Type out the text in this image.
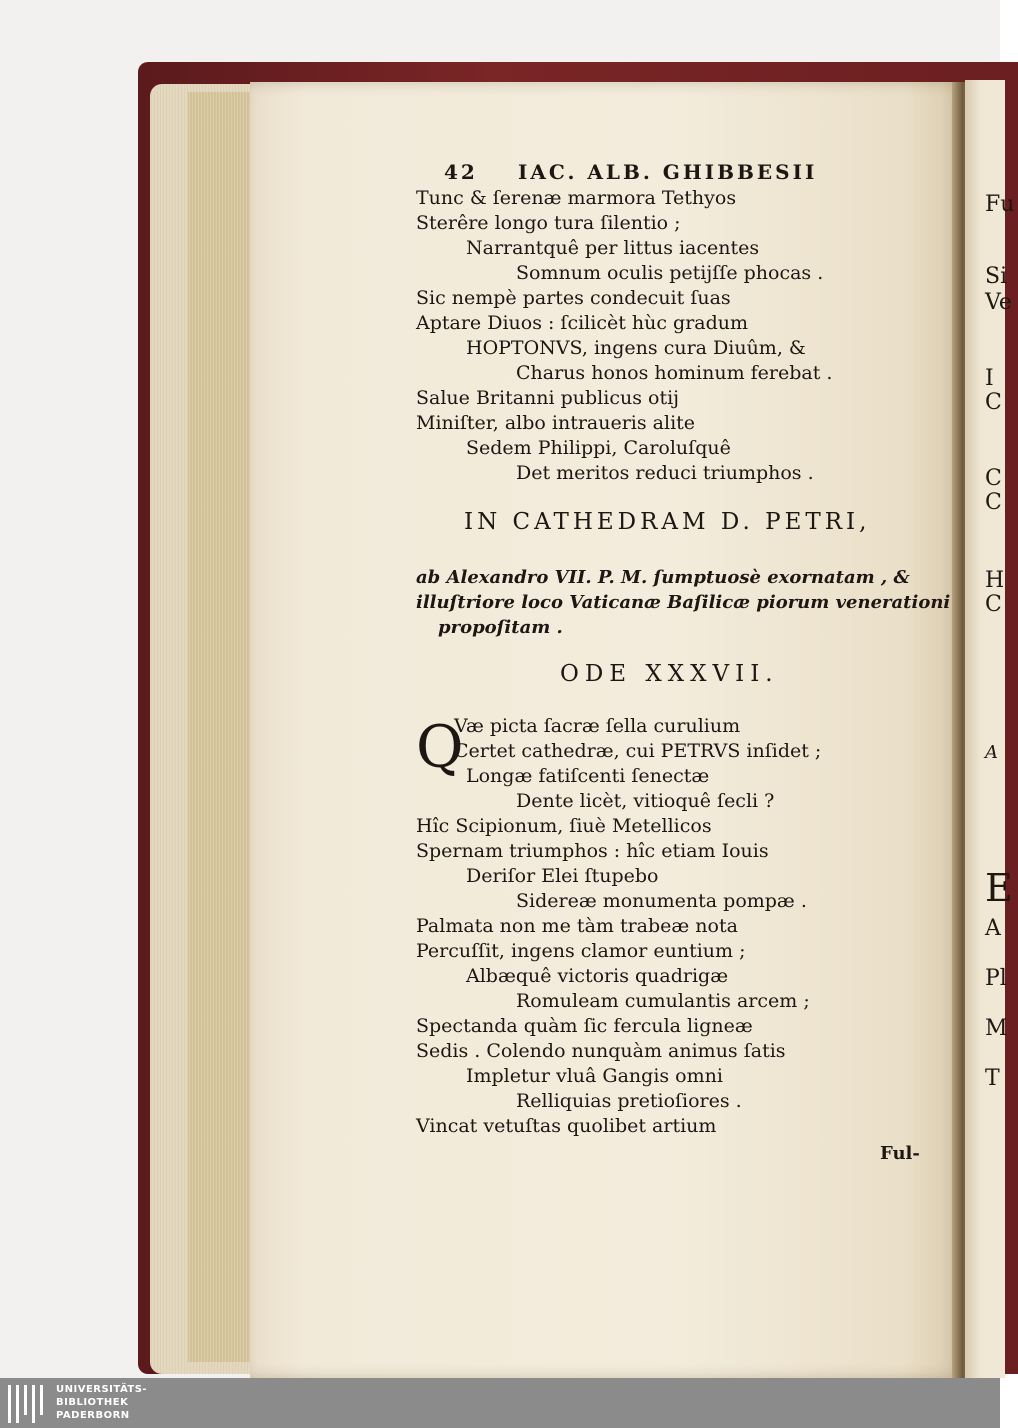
Fu
Si
Ve
I
C
C
C
H
C
A
E
A
Pl
M
T
42 IAC. ALB. GHIBBESII
Tunc & ſerenæ marmora Tethyos
Sterêre longo tura ſilentio ;
Narrantquê per littus iacentes
Somnum oculis petijſſe phocas .
Sic nempè partes condecuit ſuas
Aptare Diuos : ſcilicèt hùc gradum
HOPTONVS, ingens cura Diuûm, &
Charus honos hominum ferebat .
Salue Britanni publicus otij
Miniſter, albo intraueris alite
Sedem Philippi, Caroluſquê
Det meritos reduci triumphos .
IN CATHEDRAM D. PETRI,
ab Alexandro VII. P. M. ſumptuosè exornatam , &
illuſtriore loco Vaticanæ Baſilicæ piorum venerationi
propoſitam .
ODE XXXVII.
Q
Væ picta ſacræ ſella curulium
Certet cathedræ, cui PETRVS inſidet ;
Longæ fatiſcenti ſenectæ
Dente licèt, vitioquê ſecli ?
Hîc Scipionum, ſiuè Metellicos
Spernam triumphos : hîc etiam Iouis
Deriſor Elei ſtupebo
Sidereæ monumenta pompæ .
Palmata non me tàm trabeæ nota
Percuſſit, ingens clamor euntium ;
Albæquê victoris quadrigæ
Romuleam cumulantis arcem ;
Spectanda quàm ſic fercula ligneæ
Sedis . Colendo nunquàm animus ſatis
Impletur vluâ Gangis omni
Relliquias pretioſiores .
Vincat vetuſtas quolibet artium
Ful-
UNIVERSITÄTS-
BIBLIOTHEK
PADERBORN
